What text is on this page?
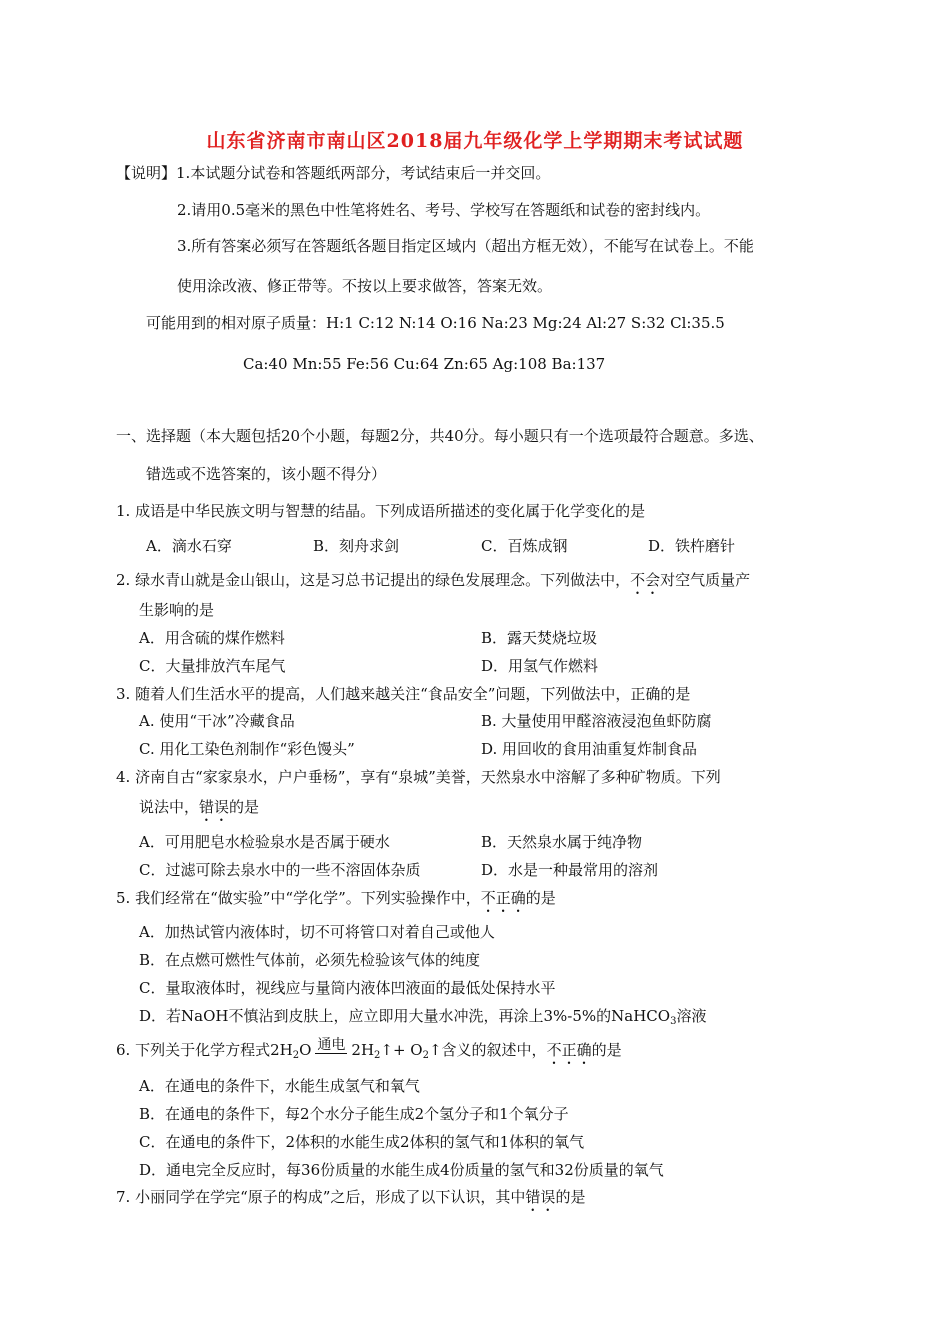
山东省济南市南山区2018届九年级化学上学期期末考试试题
【说明】1.本试题分试卷和答题纸两部分，考试结束后一并交回。
2.请用0.5毫米的黑色中性笔将姓名、考号、学校写在答题纸和试卷的密封线内。
3.所有答案必须写在答题纸各题目指定区域内（超出方框无效），不能写在试卷上。不能
使用涂改液、修正带等。不按以上要求做答，答案无效。
可能用到的相对原子质量：H:1 C:12 N:14 O:16 Na:23 Mg:24 Al:27 S:32 Cl:35.5
Ca:40 Mn:55 Fe:56 Cu:64 Zn:65 Ag:108 Ba:137
一、选择题（本大题包括20个小题，每题2分，共40分。每小题只有一个选项最符合题意。多选、
错选或不选答案的，该小题不得分）
1. 成语是中华民族文明与智慧的结晶。下列成语所描述的变化属于化学变化的是
A．滴水石穿	B．刻舟求剑	C．百炼成钢	D．铁杵磨针
2. 绿水青山就是金山银山，这是习总书记提出的绿色发展理念。下列做法中，不会对空气质量产
生影响的是
A．用含硫的煤作燃料	B．露天焚烧垃圾
C．大量排放汽车尾气	D．用氢气作燃料
3. 随着人们生活水平的提高，人们越来越关注“食品安全”问题，下列做法中，正确的是
A. 使用“干冰”冷藏食品	B. 大量使用甲醛溶液浸泡鱼虾防腐
C. 用化工染色剂制作“彩色馒头”	D. 用回收的食用油重复炸制食品
4. 济南自古“家家泉水，户户垂杨”，享有“泉城”美誉，天然泉水中溶解了多种矿物质。下列
说法中，错误的是
A．可用肥皂水检验泉水是否属于硬水	B．天然泉水属于纯净物
C．过滤可除去泉水中的一些不溶固体杂质	D．水是一种最常用的溶剂
5. 我们经常在“做实验”中“学化学”。下列实验操作中，不正确的是
A．加热试管内液体时，切不可将管口对着自己或他人
B．在点燃可燃性气体前，必须先检验该气体的纯度
C．量取液体时，视线应与量筒内液体凹液面的最低处保持水平
D．若NaOH不慎沾到皮肤上，应立即用大量水冲洗，再涂上3%-5%的NaHCO$_3$溶液
6. 下列关于化学方程式$2H_2O$ 通电 $2H_2↑+$ $O_2↑$含义的叙述中，不正确的是
A．在通电的条件下，水能生成氢气和氧气
B．在通电的条件下，每2个水分子能生成2个氢分子和1个氧分子
C．在通电的条件下，2体积的水能生成2体积的氢气和1体积的氧气
D．通电完全反应时，每36份质量的水能生成4份质量的氢气和32份质量的氧气
7. 小丽同学在学完“原子的构成”之后，形成了以下认识，其中错误的是
